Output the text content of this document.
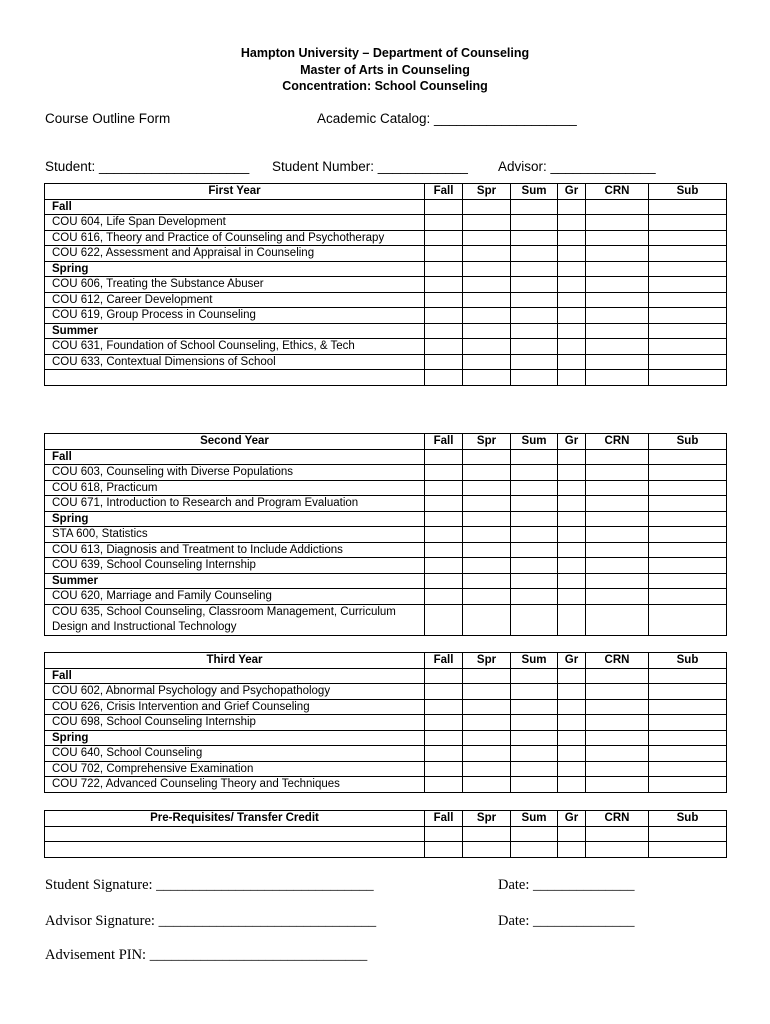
Hampton University – Department of Counseling
Master of Arts in Counseling
Concentration: School Counseling
Course Outline Form	Academic Catalog: ___________________
Student: ____________________ Student Number: ____________ Advisor: ______________
First Year	Fall	Spr	Sum	Gr	CRN	Sub
Fall						
COU 604, Life Span Development						
COU 616, Theory and Practice of Counseling and Psychotherapy						
COU 622, Assessment and Appraisal in Counseling						
Spring						
COU 606, Treating the Substance Abuser						
COU 612, Career Development						
COU 619, Group Process in Counseling						
Summer						
COU 631, Foundation of School Counseling, Ethics, & Tech						
COU 633, Contextual Dimensions of School						

Second Year	Fall	Spr	Sum	Gr	CRN	Sub
Fall						
COU 603, Counseling with Diverse Populations						
COU 618, Practicum						
COU 671, Introduction to Research and Program Evaluation						
Spring						
STA 600, Statistics						
COU 613, Diagnosis and Treatment to Include Addictions						
COU 639, School Counseling Internship						
Summer						
COU 620, Marriage and Family Counseling						
COU 635, School Counseling, Classroom Management, Curriculum Design and Instructional Technology						
Third Year	Fall	Spr	Sum	Gr	CRN	Sub
Fall						
COU 602, Abnormal Psychology and Psychopathology						
COU 626, Crisis Intervention and Grief Counseling						
COU 698, School Counseling Internship						
Spring						
COU 640, School Counseling						
COU 702, Comprehensive Examination						
COU 722, Advanced Counseling Theory and Techniques						
Pre-Requisites/ Transfer Credit	Fall	Spr	Sum	Gr	CRN	Sub

Student Signature: ______________________________	Date: ______________
Advisor Signature: ______________________________	Date: ______________
Advisement PIN: ______________________________
